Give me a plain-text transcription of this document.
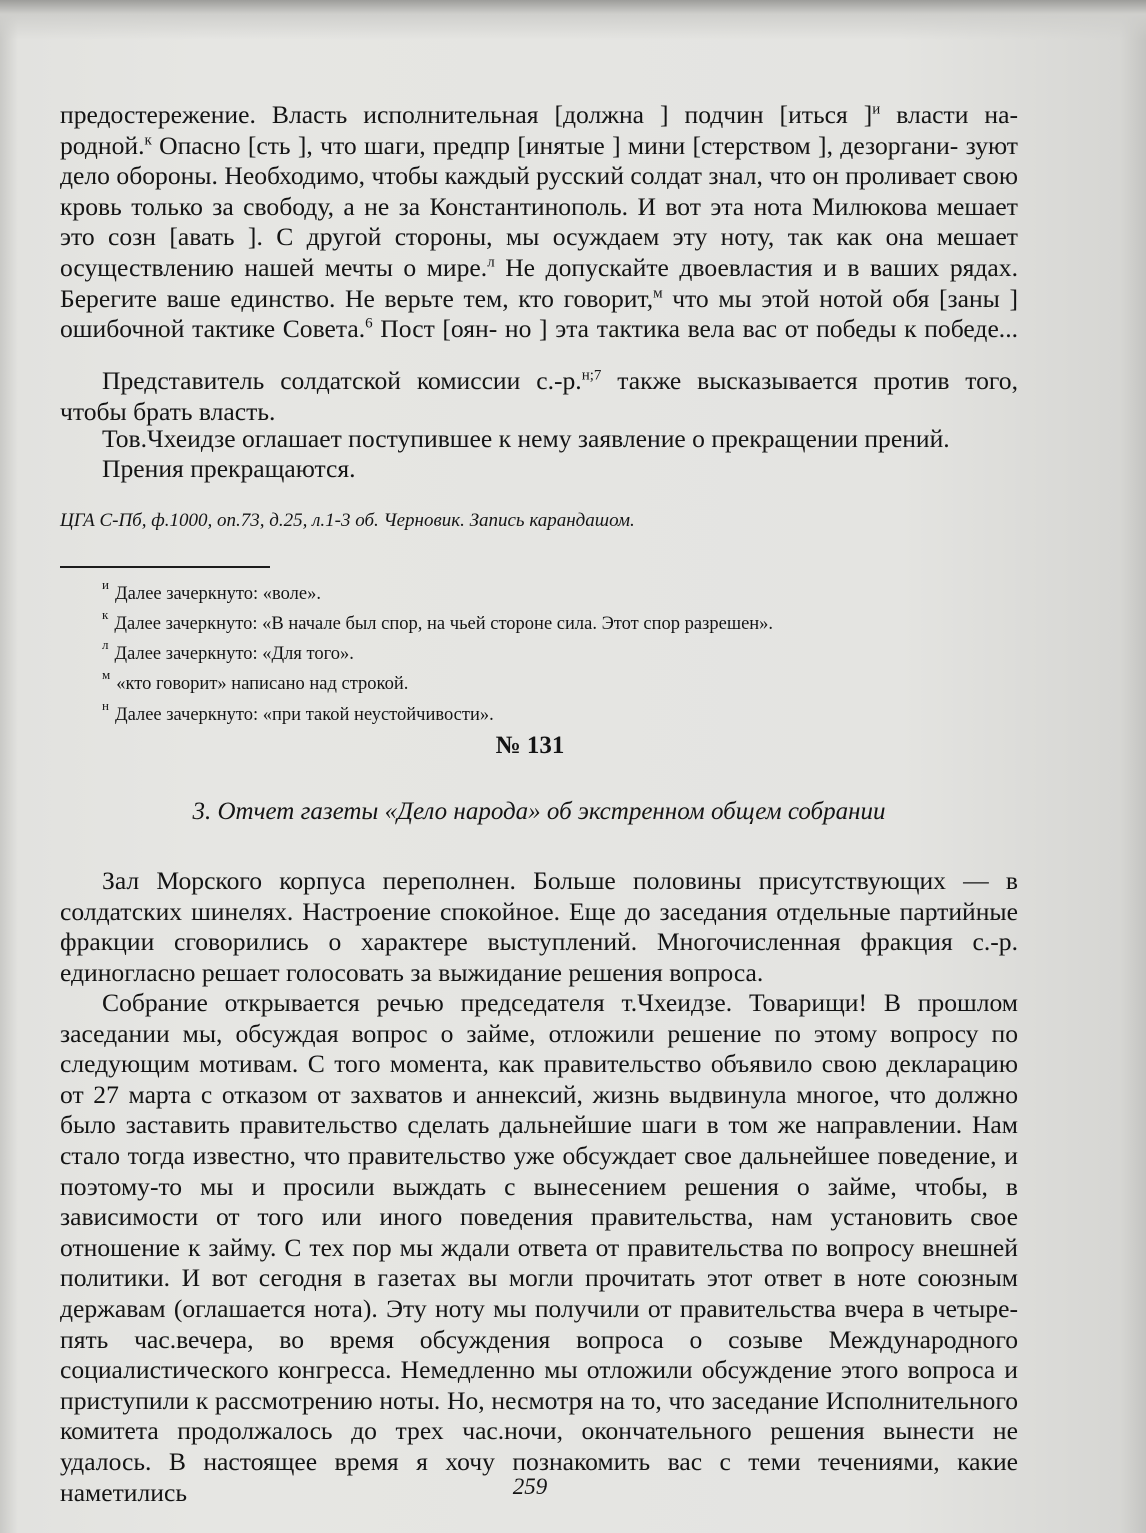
предостережение. Власть исполнительная [должна ] подчин [иться ]$^и$ власти на- родной.$^к$ Опасно [сть ], что шаги, предпр [инятые ] мини [стерством ], дезоргани- зуют дело обороны. Необходимо, чтобы каждый русский солдат знал, что он проливает свою кровь только за свободу, а не за Константинополь. И вот эта нота Милюкова мешает это созн [авать ]. С другой стороны, мы осуждаем эту ноту, так как она мешает осуществлению нашей мечты о мире.$^л$ Не допускайте двоевластия и в ваших рядах. Берегите ваше единство. Не верьте тем, кто говорит,$^м$ что мы этой нотой обя [заны ] ошибочной тактике Совета.$^6$ Пост [оян- но ] эта тактика вела вас от победы к победе...

Представитель солдатской комиссии с.-р.$^{н;7}$ также высказывается против того, чтобы брать власть.

Тов.Чхеидзе оглашает поступившее к нему заявление о прекращении прений.

Прения прекращаются.

ЦГА С-Пб, ф.1000, оп.73, д.25, л.1-3 об. Черновик. Запись карандашом.

$^и$ Далее зачеркнуто: «воле».
$^к$ Далее зачеркнуто: «В начале был спор, на чьей стороне сила. Этот спор разрешен».
$^л$ Далее зачеркнуто: «Для того».
$^м$ «кто говорит» написано над строкой.
$^н$ Далее зачеркнуто: «при такой неустойчивости».

№ 131

3. Отчет газеты «Дело народа» об экстренном общем собрании

Зал Морского корпуса переполнен. Больше половины присутствующих — в солдатских шинелях. Настроение спокойное. Еще до заседания отдельные партийные фракции сговорились о характере выступлений. Многочисленная фракция с.-р. единогласно решает голосовать за выжидание решения вопроса.

Собрание открывается речью председателя т.Чхеидзе. Товарищи! В прошлом заседании мы, обсуждая вопрос о займе, отложили решение по этому вопросу по следующим мотивам. С того момента, как правительство объявило свою декларацию от 27 марта с отказом от захватов и аннексий, жизнь выдвинула многое, что должно было заставить правительство сделать дальнейшие шаги в том же направлении. Нам стало тогда известно, что правительство уже обсуждает свое дальнейшее поведение, и поэтому-то мы и просили выждать с вынесением решения о займе, чтобы, в зависимости от того или иного поведения правительства, нам установить свое отношение к займу. С тех пор мы ждали ответа от правительства по вопросу внешней политики. И вот сегодня в газетах вы могли прочитать этот ответ в ноте союзным державам (оглашается нота). Эту ноту мы получили от правительства вчера в четыре-пять час.вечера, во время обсуждения вопроса о созыве Международного социалистического конгресса. Немедленно мы отложили обсуждение этого вопроса и приступили к рассмотрению ноты. Но, несмотря на то, что заседание Исполнительного комитета продолжалось до трех час.ночи, окончательного решения вынести не удалось. В настоящее время я хочу познакомить вас с теми течениями, какие наметились	259
